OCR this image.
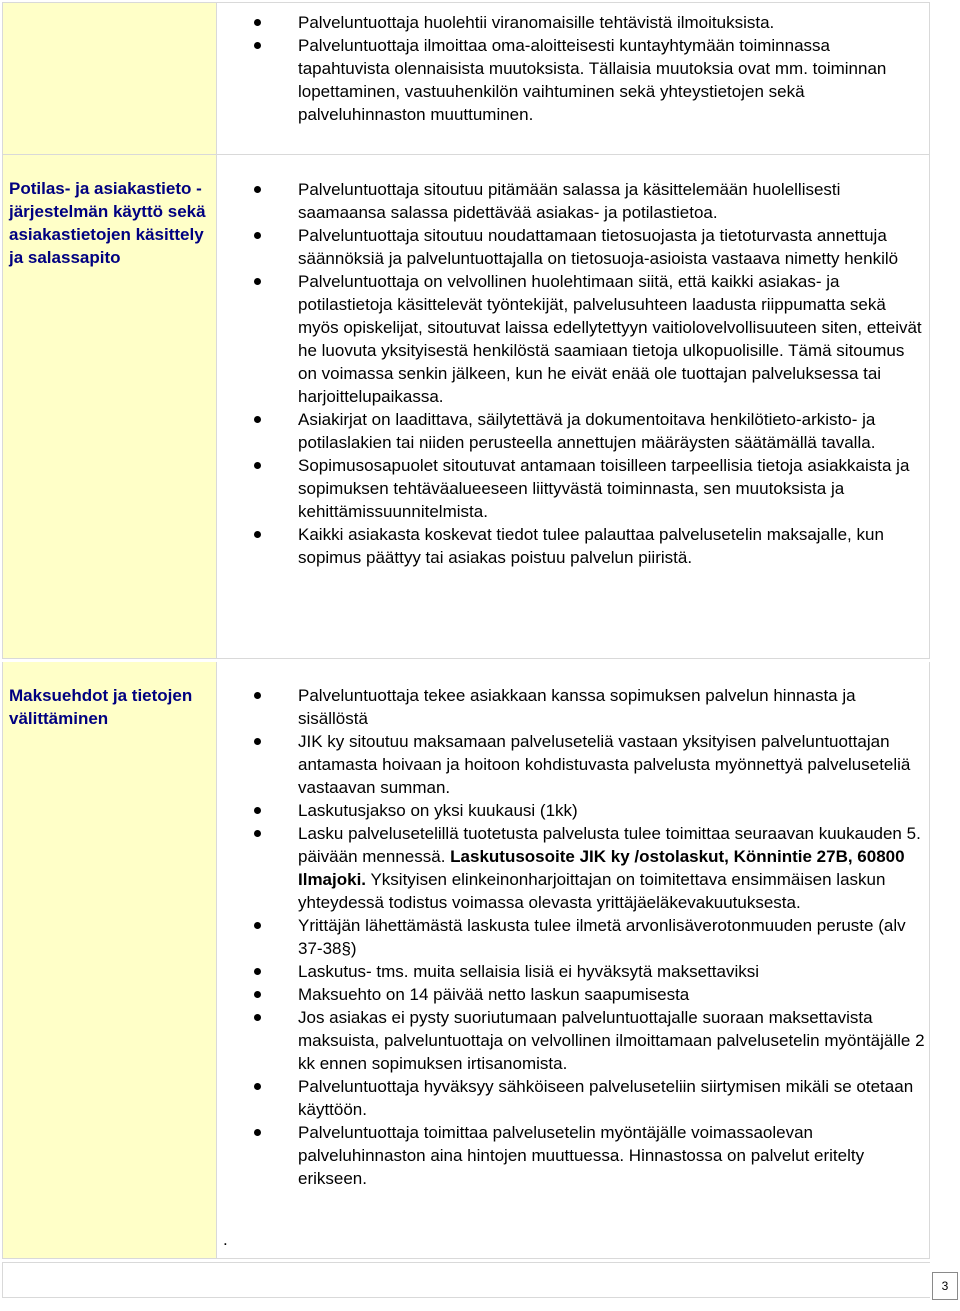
Palveluntuottaja huolehtii viranomaisille tehtävistä ilmoituksista.
Palveluntuottaja ilmoittaa oma-aloitteisesti kuntayhtymään toiminnassa tapahtuvista olennaisista muutoksista. Tällaisia muutoksia ovat mm. toiminnan lopettaminen, vastuuhenkilön vaihtuminen sekä yhteystietojen sekä palveluhinnaston muuttuminen.
Potilas- ja asiakastieto - järjestelmän käyttö sekä asiakastietojen käsittely ja salassapito
Palveluntuottaja sitoutuu pitämään salassa ja käsittelemään huolellisesti saamaansa salassa pidettävää asiakas- ja potilastietoa.
Palveluntuottaja sitoutuu noudattamaan tietosuojasta ja tietoturvasta annettuja säännöksiä ja palveluntuottajalla on tietosuoja-asioista vastaava nimetty henkilö
Palveluntuottaja on velvollinen huolehtimaan siitä, että kaikki asiakas- ja potilastietoja käsittelevät työntekijät, palvelusuhteen laadusta riippumatta sekä myös opiskelijat, sitoutuvat laissa edellytettyyn vaitiolovelvollisuuteen siten, etteivät he luovuta yksityisestä henkilöstä saamiaan tietoja ulkopuolisille. Tämä sitoumus on voimassa senkin jälkeen, kun he eivät enää ole tuottajan palveluksessa tai harjoittelupaikassa.
Asiakirjat on laadittava, säilytettävä ja dokumentoitava henkilötieto-arkisto- ja potilaslakien tai niiden perusteella annettujen määräysten säätämällä tavalla.
Sopimusosapuolet sitoutuvat antamaan toisilleen tarpeellisia tietoja asiakkaista ja sopimuksen tehtäväalueeseen liittyvästä toiminnasta, sen muutoksista ja kehittämissuunnitelmista.
Kaikki asiakasta koskevat tiedot tulee palauttaa palvelusetelin maksajalle, kun sopimus päättyy tai asiakas poistuu palvelun piiristä.
Maksuehdot ja tietojen välittäminen
Palveluntuottaja tekee asiakkaan kanssa sopimuksen palvelun hinnasta ja sisällöstä
JIK ky sitoutuu maksamaan palveluseteliä vastaan yksityisen palveluntuottajan antamasta hoivaan ja hoitoon kohdistuvasta palvelusta myönnettyä palveluseteliä vastaavan summan.
Laskutusjakso on yksi kuukausi (1kk)
Lasku palvelusetelillä tuotetusta palvelusta tulee toimittaa seuraavan kuukauden 5. päivään mennessä. Laskutusosoite JIK ky /ostolaskut, Könnintie 27B, 60800 Ilmajoki. Yksityisen elinkeinonharjoittajan on toimitettava ensimmäisen laskun yhteydessä todistus voimassa olevasta yrittäjäeläkevakuutuksesta.
Yrittäjän lähettämästä laskusta tulee ilmetä arvonlisäverotonmuuden peruste (alv 37-38§)
Laskutus- tms. muita sellaisia lisiä ei hyväksytä maksettaviksi
Maksuehto on 14 päivää netto laskun saapumisesta
Jos asiakas ei pysty suoriutumaan palveluntuottajalle suoraan maksettavista maksuista, palveluntuottaja on velvollinen ilmoittamaan palvelusetelin myöntäjälle 2 kk ennen sopimuksen irtisanomista.
Palveluntuottaja hyväksyy sähköiseen palveluseteliin siirtymisen mikäli se otetaan käyttöön.
Palveluntuottaja toimittaa palvelusetelin myöntäjälle voimassaolevan palveluhinnaston aina hintojen muuttuessa. Hinnastossa on palvelut eritelty erikseen.
.
3
